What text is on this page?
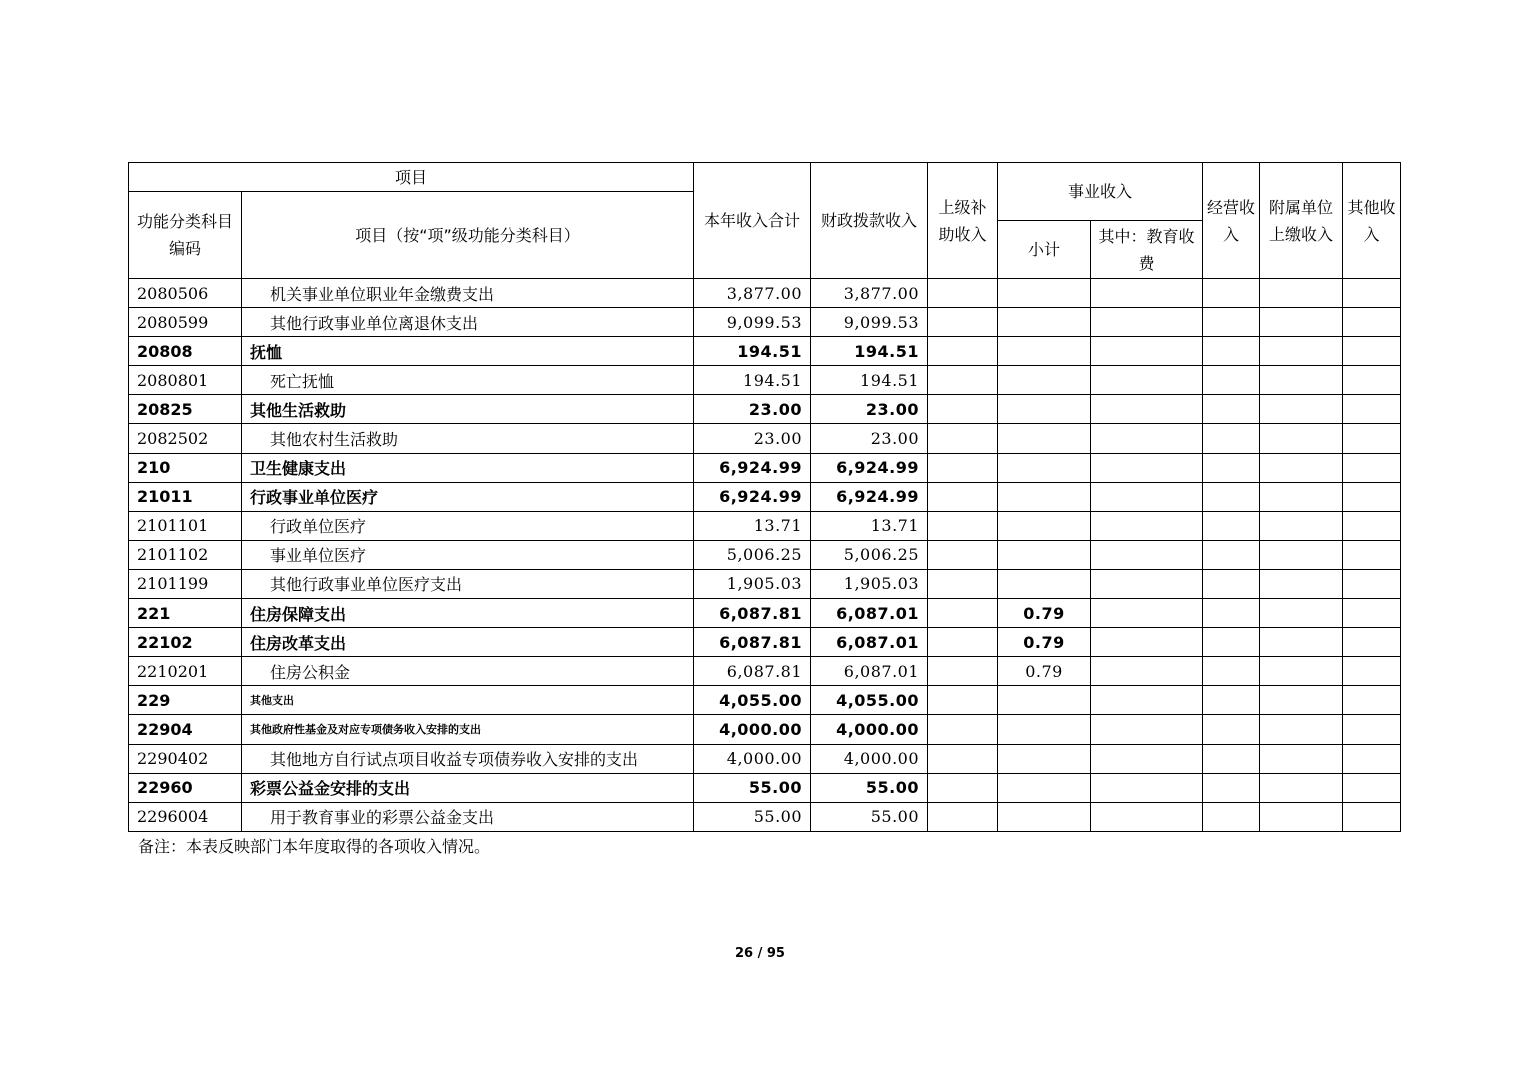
项目		本年收入合计	财政拨款收入	上级补助收入	事业收入		经营收入	附属单位上缴收入	其他收入
功能分类科目编码	项目（按“项”级功能分类科目）								
					小计	其中：教育收费			
2080506	机关事业单位职业年金缴费支出	3,877.00	3,877.00						
2080599	其他行政事业单位离退休支出	9,099.53	9,099.53						
20808	抚恤	194.51	194.51						
2080801	死亡抚恤	194.51	194.51						
20825	其他生活救助	23.00	23.00						
2082502	其他农村生活救助	23.00	23.00						
210	卫生健康支出	6,924.99	6,924.99						
21011	行政事业单位医疗	6,924.99	6,924.99						
2101101	行政单位医疗	13.71	13.71						
2101102	事业单位医疗	5,006.25	5,006.25						
2101199	其他行政事业单位医疗支出	1,905.03	1,905.03						
221	住房保障支出	6,087.81	6,087.01		0.79				
22102	住房改革支出	6,087.81	6,087.01		0.79				
2210201	住房公积金	6,087.81	6,087.01		0.79				
229	其他支出	4,055.00	4,055.00						
22904	其他政府性基金及对应专项债务收入安排的支出	4,000.00	4,000.00						
2290402	其他地方自行试点项目收益专项债券收入安排的支出	4,000.00	4,000.00						
22960	彩票公益金安排的支出	55.00	55.00						
2296004	用于教育事业的彩票公益金支出	55.00	55.00						
备注：本表反映部门本年度取得的各项收入情况。
26 / 95
